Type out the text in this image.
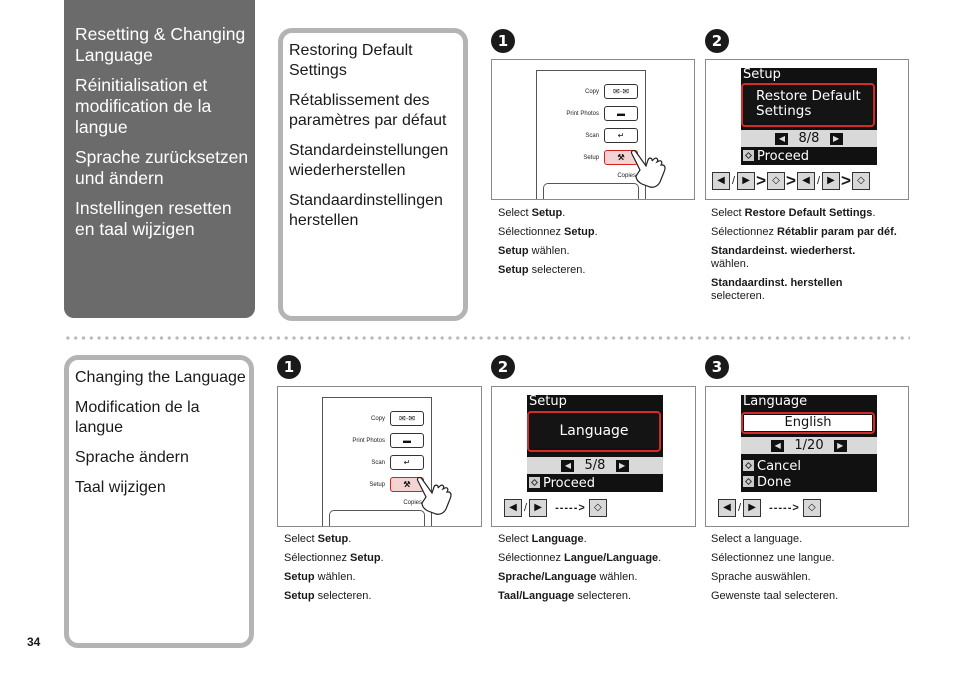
Resetting & Changing Language
Réinitialisation et modification de la langue
Sprache zurücksetzen und ändern
Instellingen resetten en taal wijzigen
Restoring Default Settings
Rétablissement des paramètres par défaut
Standardeinstellungen wiederherstellen
Standaardinstellingen herstellen
1
Copy	✉·✉
Print Photos	▬
Scan	↵
Setup	⚒
Copies

Select Setup.

Sélectionnez Setup.

Setup wählen.

Setup selecteren.

2
Setup
Restore Default Settings
◀ 8/8 ▶
Proceed
◀ / ▶ > ◇ > ◀ / ▶ > ◇

Select Restore Default Settings.

Sélectionnez Rétablir param par déf.

Standardeinst. wiederherst.
wählen.

Standaardinst. herstellen
selecteren.

Changing the Language
Modification de la langue
Sprache ändern
Taal wijzigen
1
Copy	✉·✉
Print Photos	▬
Scan	↵
Setup	⚒
Copies

Select Setup.

Sélectionnez Setup.

Setup wählen.

Setup selecteren.

2
Setup
Language
◀ 5/8 ▶
Proceed
◀ / ▶	-----> ◇

Select Language.

Sélectionnez Langue/Language.

Sprache/Language wählen.

Taal/Language selecteren.

3
Language
English
◀ 1/20 ▶
Cancel
Done
◀ / ▶	-----> ◇

Select a language.

Sélectionnez une langue.

Sprache auswählen.

Gewenste taal selecteren.

34
